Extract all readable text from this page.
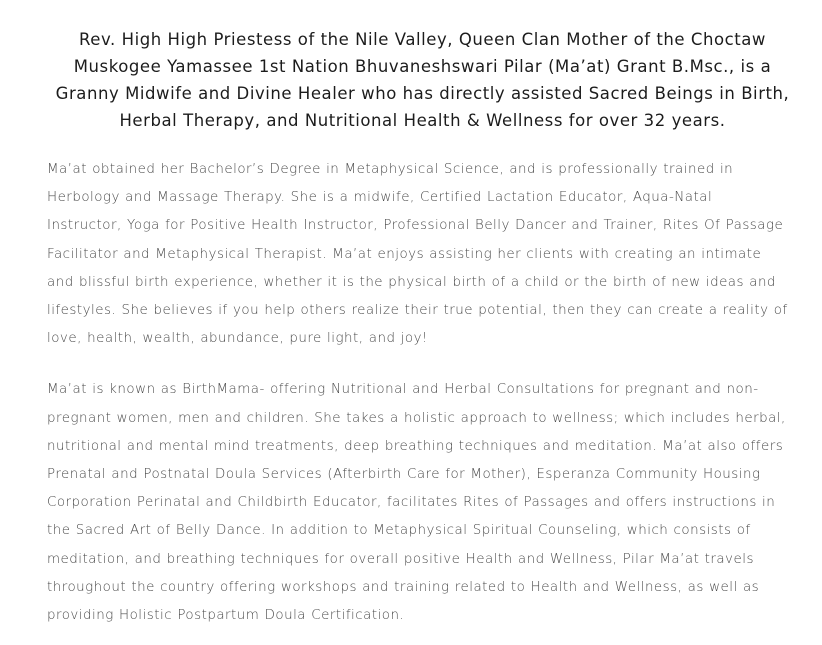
Rev. High High Priestess of the Nile Valley, Queen Clan Mother of the Choctaw Muskogee Yamassee 1st Nation Bhuvaneshswari Pilar (Ma’at) Grant B.Msc., is a Granny Midwife and Divine Healer who has directly assisted Sacred Beings in Birth, Herbal Therapy, and Nutritional Health & Wellness for over 32 years.

Ma’at obtained her Bachelor’s Degree in Metaphysical Science, and is professionally trained in Herbology and Massage Therapy. She is a midwife, Certified Lactation Educator, Aqua-Natal Instructor, Yoga for Positive Health Instructor, Professional Belly Dancer and Trainer, Rites Of Passage Facilitator and Metaphysical Therapist. Ma’at enjoys assisting her clients with creating an intimate and blissful birth experience, whether it is the physical birth of a child or the birth of new ideas and lifestyles. She believes if you help others realize their true potential, then they can create a reality of love, health, wealth, abundance, pure light, and joy!

Ma’at is known as BirthMama- offering Nutritional and Herbal Consultations for pregnant and non-pregnant women, men and children. She takes a holistic approach to wellness; which includes herbal, nutritional and mental mind treatments, deep breathing techniques and meditation. Ma’at also offers Prenatal and Postnatal Doula Services (Afterbirth Care for Mother), Esperanza Community Housing Corporation Perinatal and Childbirth Educator, facilitates Rites of Passages and offers instructions in the Sacred Art of Belly Dance. In addition to Metaphysical Spiritual Counseling, which consists of meditation, and breathing techniques for overall positive Health and Wellness, Pilar Ma’at travels throughout the country offering workshops and training related to Health and Wellness, as well as providing Holistic Postpartum Doula Certification.
